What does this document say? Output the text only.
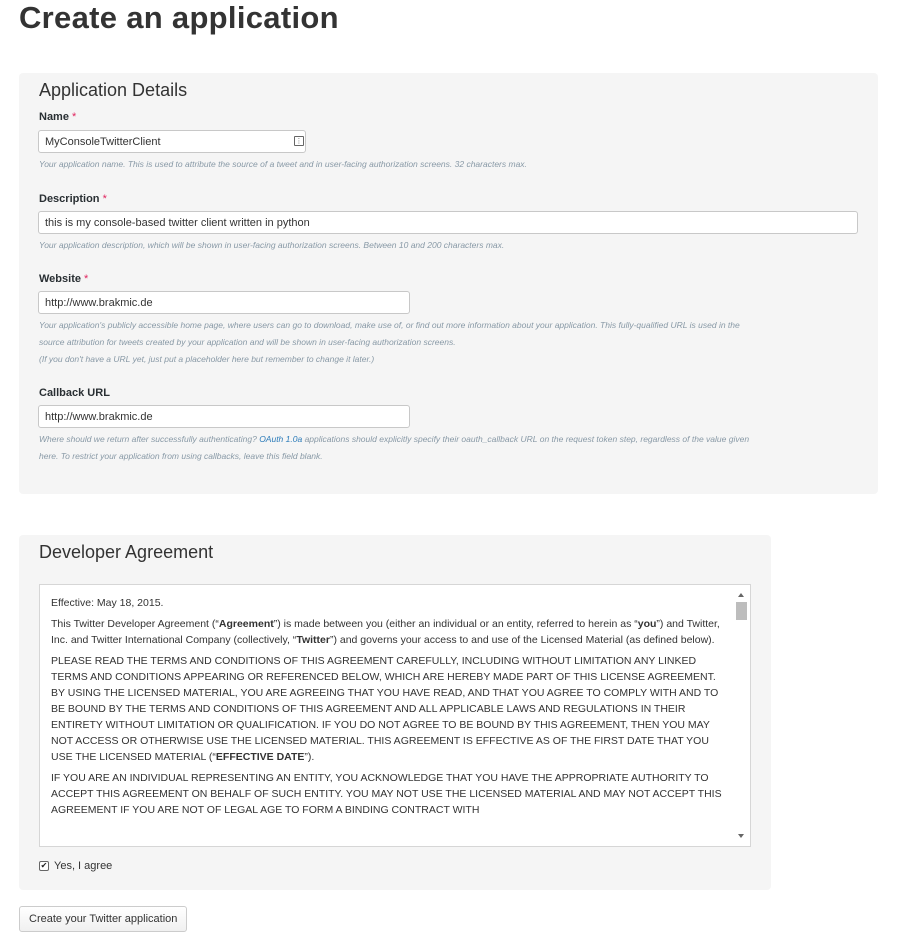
Create an application
Application Details
Name *
MyConsoleTwitterClient
⋮

Your application name. This is used to attribute the source of a tweet and in user-facing authorization screens. 32 characters max.

Description *
this is my console-based twitter client written in python

Your application description, which will be shown in user-facing authorization screens. Between 10 and 200 characters max.

Website *
http://www.brakmic.de
Your application's publicly accessible home page, where users can go to download, make use of, or find out more information about your application. This fully-qualified URL is used in the
source attribution for tweets created by your application and will be shown in user-facing authorization screens.
(If you don't have a URL yet, just put a placeholder here but remember to change it later.)
Callback URL
http://www.brakmic.de
Where should we return after successfully authenticating? OAuth 1.0a applications should explicitly specify their oauth_callback URL on the request token step, regardless of the value given
here. To restrict your application from using callbacks, leave this field blank.
Developer Agreement

Effective: May 18, 2015.

This Twitter Developer Agreement (“Agreement”) is made between you (either an individual or an entity, referred to herein as “you”) and Twitter, Inc. and Twitter International Company (collectively, “Twitter”) and governs your access to and use of the Licensed Material (as defined below).

PLEASE READ THE TERMS AND CONDITIONS OF THIS AGREEMENT CAREFULLY, INCLUDING WITHOUT LIMITATION ANY LINKED TERMS AND CONDITIONS APPEARING OR REFERENCED BELOW, WHICH ARE HEREBY MADE PART OF THIS LICENSE AGREEMENT. BY USING THE LICENSED MATERIAL, YOU ARE AGREEING THAT YOU HAVE READ, AND THAT YOU AGREE TO COMPLY WITH AND TO BE BOUND BY THE TERMS AND CONDITIONS OF THIS AGREEMENT AND ALL APPLICABLE LAWS AND REGULATIONS IN THEIR ENTIRETY WITHOUT LIMITATION OR QUALIFICATION. IF YOU DO NOT AGREE TO BE BOUND BY THIS AGREEMENT, THEN YOU MAY NOT ACCESS OR OTHERWISE USE THE LICENSED MATERIAL. THIS AGREEMENT IS EFFECTIVE AS OF THE FIRST DATE THAT YOU USE THE LICENSED MATERIAL (“EFFECTIVE DATE”).

IF YOU ARE AN INDIVIDUAL REPRESENTING AN ENTITY, YOU ACKNOWLEDGE THAT YOU HAVE THE APPROPRIATE AUTHORITY TO ACCEPT THIS AGREEMENT ON BEHALF OF SUCH ENTITY. YOU MAY NOT USE THE LICENSED MATERIAL AND MAY NOT ACCEPT THIS AGREEMENT IF YOU ARE NOT OF LEGAL AGE TO FORM A BINDING CONTRACT WITH

✔ Yes, I agree
Create your Twitter application
